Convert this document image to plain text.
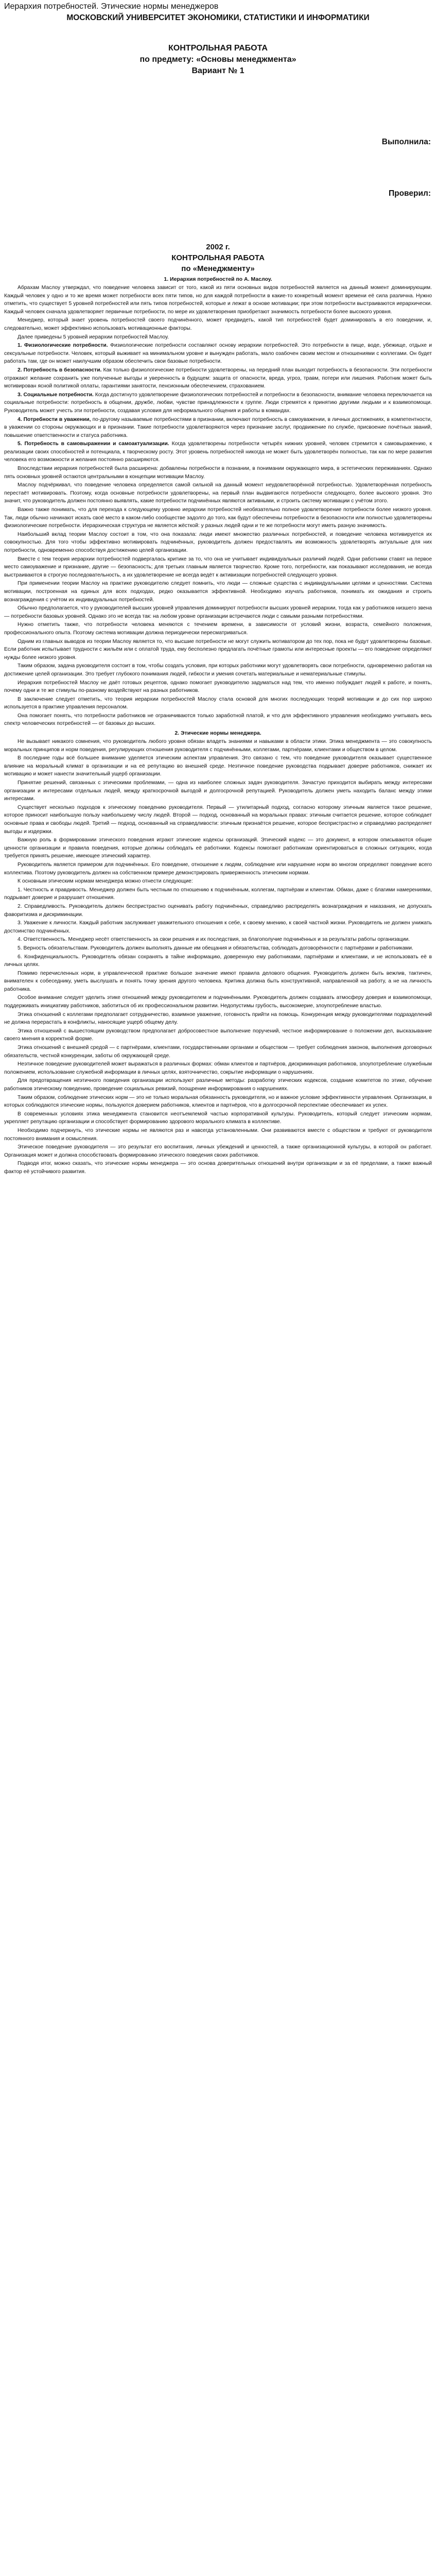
Иерархия потребностей. Этические нормы менеджеров
МОСКОВСКИЙ УНИВЕРСИТЕТ ЭКОНОМИКИ, СТАТИСТИКИ И ИНФОРМАТИКИ
КОНТРОЛЬНАЯ РАБОТА
по предмету: «Основы менеджмента»
Вариант № 1
Выполнила:
Проверил:
2002 г.
КОНТРОЛЬНАЯ РАБОТА
по «Менеджменту»
1. Иерархия потребностей по А. Маслоу.

Абрахам Маслоу утверждал, что поведение человека зависит от того, какой из пяти основных видов потребностей является на данный момент доминирующим. Каждый человек у одно и то же время может потребности всех пяти типов, но для каждой потребности в какие-то конкретный момент времени её сила различна. Нужно отметить, что существует 5 уровней потребностей или пять типов потребностей, которые и лежат в основе мотивации; при этом потребности выстраиваются иерархически. Каждый человек сначала удовлетворяет первичные потребности, по мере их удовлетворения приобретают значимость потребности более высокого уровня.

Менеджер, который знает уровень потребностей своего подчинённого, может предвидеть, какой тип потребностей будет доминировать в его поведении, и, следовательно, может эффективно использовать мотивационные факторы.

Далее приведены 5 уровней иерархии потребностей Маслоу.

1. Физиологические потребности. Физиологические потребности составляют основу иерархии потребностей. Это потребности в пище, воде, убежище, отдыхе и сексуальные потребности. Человек, который выживает на минимальном уровне и вынужден работать, мало озабочен своим местом и отношениями с коллегами. Он будет работать там, где он может наилучшим образом обеспечить свои базовые потребности.

2. Потребность в безопасности. Как только физиологические потребности удовлетворены, на передний план выходит потребность в безопасности. Эти потребности отражают желание сохранить уже полученные выгоды и уверенность в будущем: защита от опасности, вреда, угроз, травм, потери или лишения. Работник может быть мотивирован ясной политикой оплаты, гарантиями занятости, пенсионным обеспечением, страхованием.

3. Социальные потребности. Когда достигнуто удовлетворение физиологических потребностей и потребности в безопасности, внимание человека переключается на социальные потребности: потребность в общении, дружбе, любви, чувстве принадлежности к группе. Люди стремятся к принятию другими людьми и к взаимопомощи. Руководитель может учесть эти потребности, создавая условия для неформального общения и работы в командах.

4. Потребности в уважении, по-другому называемые потребностями в признании, включают потребность в самоуважении, в личных достижениях, в компетентности, в уважении со стороны окружающих и в признании. Такие потребности удовлетворяются через признание заслуг, продвижение по службе, присвоение почётных званий, повышение ответственности и статуса работника.

5. Потребность в самовыражении и самоактуализации. Когда удовлетворены потребности четырёх нижних уровней, человек стремится к самовыражению, к реализации своих способностей и потенциала, к творческому росту. Этот уровень потребностей никогда не может быть удовлетворён полностью, так как по мере развития человека его возможности и желания постоянно расширяются.

Впоследствии иерархия потребностей была расширена: добавлены потребности в познании, в понимании окружающего мира, в эстетических переживаниях. Однако пять основных уровней остаются центральными в концепции мотивации Маслоу.

Маслоу подчёркивал, что поведение человека определяется самой сильной на данный момент неудовлетворённой потребностью. Удовлетворённая потребность перестаёт мотивировать. Поэтому, когда основные потребности удовлетворены, на первый план выдвигаются потребности следующего, более высокого уровня. Это значит, что руководитель должен постоянно выявлять, какие потребности подчинённых являются активными, и строить систему мотивации с учётом этого.

Важно также понимать, что для перехода к следующему уровню иерархии потребностей необязательно полное удовлетворение потребности более низкого уровня. Так, люди обычно начинают искать своё место в каком-либо сообществе задолго до того, как будут обеспечены потребности в безопасности или полностью удовлетворены физиологические потребности. Иерархическая структура не является жёсткой: у разных людей одни и те же потребности могут иметь разную значимость.

Наибольший вклад теории Маслоу состоит в том, что она показала: люди имеют множество различных потребностей, и поведение человека мотивируется их совокупностью. Для того чтобы эффективно мотивировать подчинённых, руководитель должен предоставлять им возможность удовлетворять актуальные для них потребности, одновременно способствуя достижению целей организации.

Вместе с тем теория иерархии потребностей подвергалась критике за то, что она не учитывает индивидуальных различий людей. Одни работники ставят на первое место самоуважение и признание, другие — безопасность; для третьих главным является творчество. Кроме того, потребности, как показывают исследования, не всегда выстраиваются в строгую последовательность, а их удовлетворение не всегда ведёт к активизации потребностей следующего уровня.

При применении теории Маслоу на практике руководителю следует помнить, что люди — сложные существа с индивидуальными целями и ценностями. Система мотивации, построенная на единых для всех подходах, редко оказывается эффективной. Необходимо изучать работников, понимать их ожидания и строить вознаграждения с учётом их индивидуальных потребностей.

Обычно предполагается, что у руководителей высших уровней управления доминируют потребности высших уровней иерархии, тогда как у работников низшего звена — потребности базовых уровней. Однако это не всегда так: на любом уровне организации встречаются люди с самыми разными потребностями.

Нужно отметить также, что потребности человека меняются с течением времени, в зависимости от условий жизни, возраста, семейного положения, профессионального опыта. Поэтому система мотивации должна периодически пересматриваться.

Одним из главных выводов из теории Маслоу является то, что высшие потребности не могут служить мотиватором до тех пор, пока не будут удовлетворены базовые. Если работник испытывает трудности с жильём или с оплатой труда, ему бесполезно предлагать почётные грамоты или интересные проекты — его поведение определяют нужды более низкого уровня.

Таким образом, задача руководителя состоит в том, чтобы создать условия, при которых работники могут удовлетворять свои потребности, одновременно работая на достижение целей организации. Это требует глубокого понимания людей, гибкости и умения сочетать материальные и нематериальные стимулы.

Иерархия потребностей Маслоу не даёт готовых рецептов, однако помогает руководителю задуматься над тем, что именно побуждает людей к работе, и понять, почему одни и те же стимулы по-разному воздействуют на разных работников.

В заключение следует отметить, что теория иерархии потребностей Маслоу стала основой для многих последующих теорий мотивации и до сих пор широко используется в практике управления персоналом.

Она помогает понять, что потребности работников не ограничиваются только заработной платой, и что для эффективного управления необходимо учитывать весь спектр человеческих потребностей — от базовых до высших.

2. Этические нормы менеджера.

Не вызывает никакого сомнения, что руководитель любого уровня обязан владеть знаниями и навыками в области этики. Этика менеджмента — это совокупность моральных принципов и норм поведения, регулирующих отношения руководителя с подчинёнными, коллегами, партнёрами, клиентами и обществом в целом.

В последние годы всё большее внимание уделяется этическим аспектам управления. Это связано с тем, что поведение руководителя оказывает существенное влияние на моральный климат в организации и на её репутацию во внешней среде. Неэтичное поведение руководства подрывает доверие работников, снижает их мотивацию и может нанести значительный ущерб организации.

Принятие решений, связанных с этическими проблемами, — одна из наиболее сложных задач руководителя. Зачастую приходится выбирать между интересами организации и интересами отдельных людей, между краткосрочной выгодой и долгосрочной репутацией. Руководитель должен уметь находить баланс между этими интересами.

Существует несколько подходов к этическому поведению руководителя. Первый — утилитарный подход, согласно которому этичным является такое решение, которое приносит наибольшую пользу наибольшему числу людей. Второй — подход, основанный на моральных правах: этичным считается решение, которое соблюдает основные права и свободы людей. Третий — подход, основанный на справедливости: этичным признаётся решение, которое беспристрастно и справедливо распределяет выгоды и издержки.

Важную роль в формировании этического поведения играют этические кодексы организаций. Этический кодекс — это документ, в котором описываются общие ценности организации и правила поведения, которые должны соблюдать её работники. Кодексы помогают работникам ориентироваться в сложных ситуациях, когда требуется принять решение, имеющее этический характер.

Руководитель является примером для подчинённых. Его поведение, отношение к людям, соблюдение или нарушение норм во многом определяют поведение всего коллектива. Поэтому руководитель должен на собственном примере демонстрировать приверженность этическим нормам.

К основным этическим нормам менеджера можно отнести следующие:

1. Честность и правдивость. Менеджер должен быть честным по отношению к подчинённым, коллегам, партнёрам и клиентам. Обман, даже с благими намерениями, подрывает доверие и разрушает отношения.

2. Справедливость. Руководитель должен беспристрастно оценивать работу подчинённых, справедливо распределять вознаграждения и наказания, не допускать фаворитизма и дискриминации.

3. Уважение к личности. Каждый работник заслуживает уважительного отношения к себе, к своему мнению, к своей частной жизни. Руководитель не должен унижать достоинство подчинённых.

4. Ответственность. Менеджер несёт ответственность за свои решения и их последствия, за благополучие подчинённых и за результаты работы организации.

5. Верность обязательствам. Руководитель должен выполнять данные им обещания и обязательства, соблюдать договорённости с партнёрами и работниками.

6. Конфиденциальность. Руководитель обязан сохранять в тайне информацию, доверенную ему работниками, партнёрами и клиентами, и не использовать её в личных целях.

Помимо перечисленных норм, в управленческой практике большое значение имеют правила делового общения. Руководитель должен быть вежлив, тактичен, внимателен к собеседнику, уметь выслушать и понять точку зрения другого человека. Критика должна быть конструктивной, направленной на работу, а не на личность работника.

Особое внимание следует уделить этике отношений между руководителем и подчинёнными. Руководитель должен создавать атмосферу доверия и взаимопомощи, поддерживать инициативу работников, заботиться об их профессиональном развитии. Недопустимы грубость, высокомерие, злоупотребление властью.

Этика отношений с коллегами предполагает сотрудничество, взаимное уважение, готовность прийти на помощь. Конкуренция между руководителями подразделений не должна перерастать в конфликты, наносящие ущерб общему делу.

Этика отношений с вышестоящим руководством предполагает добросовестное выполнение поручений, честное информирование о положении дел, высказывание своего мнения в корректной форме.

Этика отношений с внешней средой — с партнёрами, клиентами, государственными органами и обществом — требует соблюдения законов, выполнения договорных обязательств, честной конкуренции, заботы об окружающей среде.

Неэтичное поведение руководителей может выражаться в различных формах: обман клиентов и партнёров, дискриминация работников, злоупотребление служебным положением, использование служебной информации в личных целях, взяточничество, сокрытие информации о нарушениях.

Для предотвращения неэтичного поведения организации используют различные методы: разработку этических кодексов, создание комитетов по этике, обучение работников этическому поведению, проведение социальных ревизий, поощрение информирования о нарушениях.

Таким образом, соблюдение этических норм — это не только моральная обязанность руководителя, но и важное условие эффективности управления. Организации, в которых соблюдаются этические нормы, пользуются доверием работников, клиентов и партнёров, что в долгосрочной перспективе обеспечивает их успех.

В современных условиях этика менеджмента становится неотъемлемой частью корпоративной культуры. Руководитель, который следует этическим нормам, укрепляет репутацию организации и способствует формированию здорового морального климата в коллективе.

Необходимо подчеркнуть, что этические нормы не являются раз и навсегда установленными. Они развиваются вместе с обществом и требуют от руководителя постоянного внимания и осмысления.

Этическое поведение руководителя — это результат его воспитания, личных убеждений и ценностей, а также организационной культуры, в которой он работает. Организация может и должна способствовать формированию этического поведения своих работников.

Подводя итог, можно сказать, что этические нормы менеджера — это основа доверительных отношений внутри организации и за её пределами, а также важный фактор её устойчивого развития.
